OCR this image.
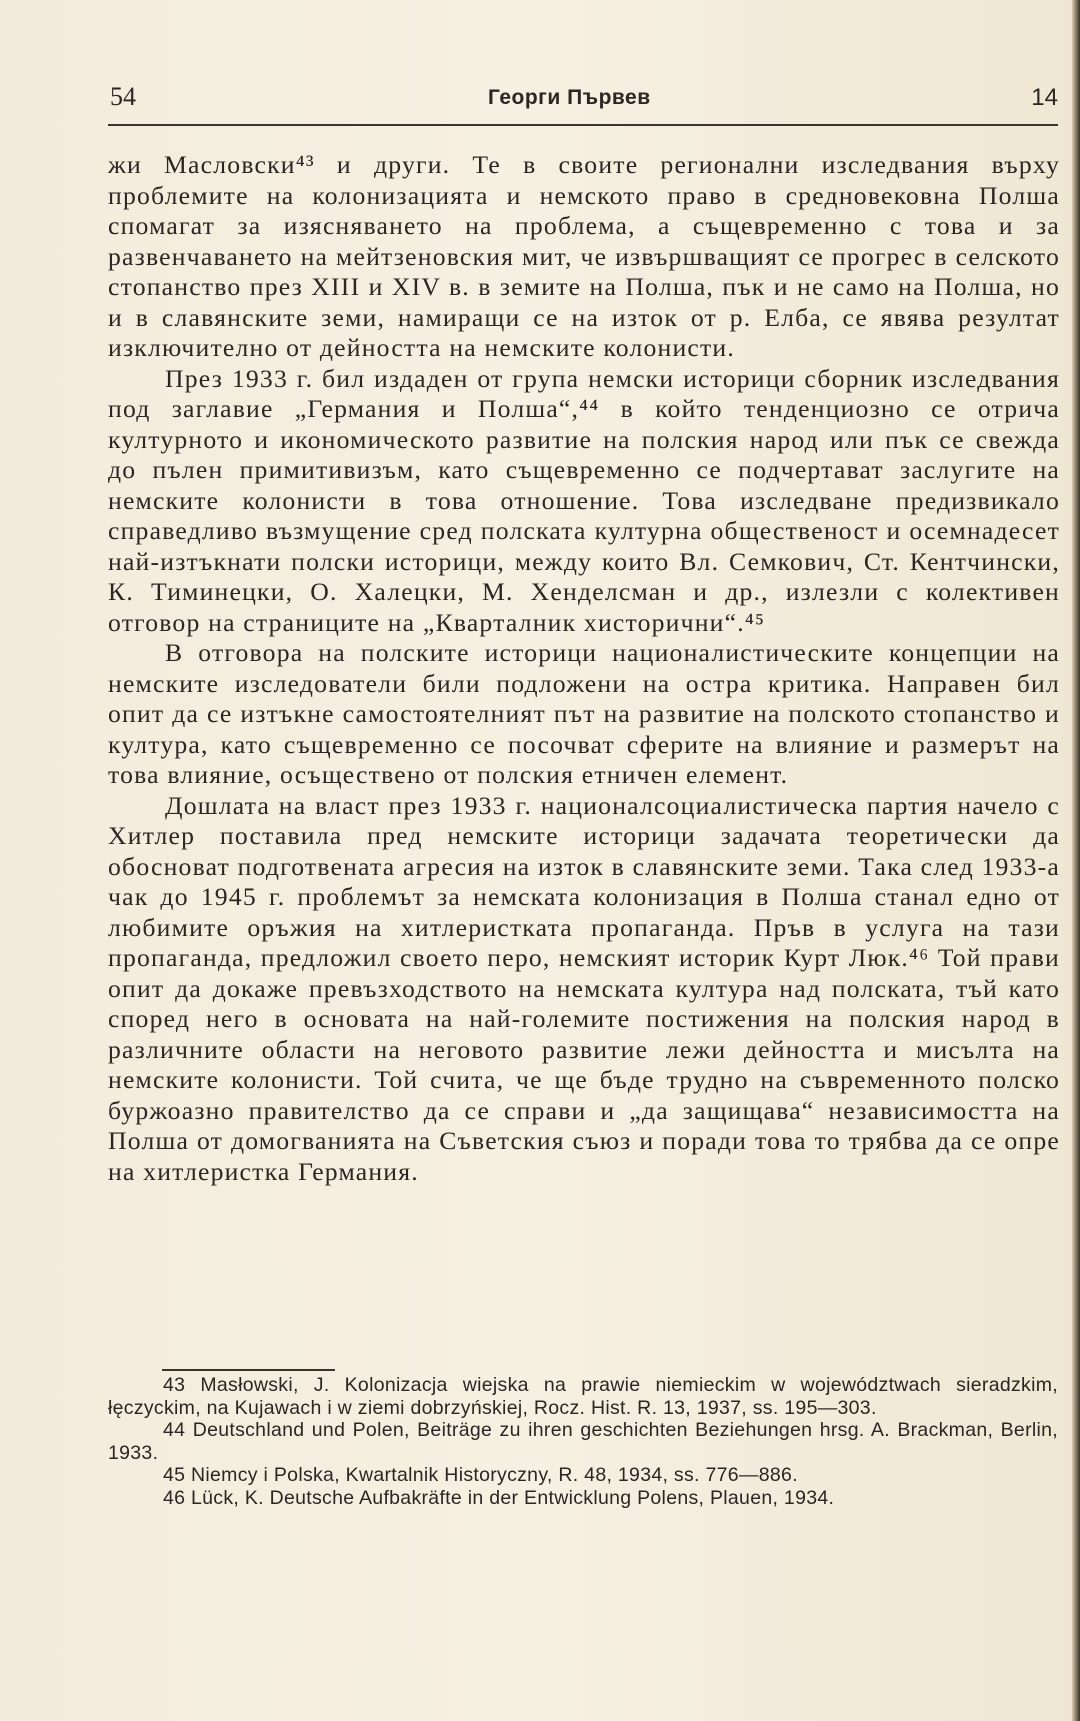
54	Георги Първев	14

жи Масловски⁴³ и други. Те в своите регионални изследвания върху проблемите на колонизацията и немското право в средновековна Полша спомагат за изясняването на проблема, а същевременно с това и за развенчаването на мейтзеновския мит, че извършващият се прогрес в селското стопанство през XIII и XIV в. в земите на Полша, пък и не само на Полша, но и в славянските земи, намиращи се на изток от р. Елба, се явява резултат изключително от дейността на немските колонисти.

През 1933 г. бил издаден от група немски историци сборник изследвания под заглавие „Германия и Полша“,⁴⁴ в който тенденциозно се отрича културното и икономическото развитие на полския народ или пък се свежда до пълен примитивизъм, като същевременно се подчертават заслугите на немските колонисти в това отношение. Това изследване предизвикало справедливо възмущение сред полската културна общественост и осемнадесет най-изтъкнати полски историци, между които Вл. Семкович, Ст. Кентчински, К. Тиминецки, О. Халецки, М. Хенделсман и др., излезли с колективен отговор на страниците на „Кварталник хисторични“.⁴⁵

В отговора на полските историци националистическите концепции на немските изследователи били подложени на остра критика. Направен бил опит да се изтъкне самостоятелният път на развитие на полското стопанство и култура, като същевременно се посочват сферите на влияние и размерът на това влияние, осъществено от полския етничен елемент.

Дошлата на власт през 1933 г. националсоциалистическа партия начело с Хитлер поставила пред немските историци задачата теоретически да обосноват подготвената агресия на изток в славянските земи. Така след 1933-а чак до 1945 г. проблемът за немската колонизация в Полша станал едно от любимите оръжия на хитлеристката пропаганда. Пръв в услуга на тази пропаганда, предложил своето перо, немският историк Курт Люк.⁴⁶ Той прави опит да докаже превъзходството на немската култура над полската, тъй като според него в основата на най-големите постижения на полския народ в различните области на неговото развитие лежи дейността и мисълта на немските колонисти. Той счита, че ще бъде трудно на съвременното полско буржоазно правителство да се справи и „да защищава“ независимостта на Полша от домогванията на Съветския съюз и поради това то трябва да се опре на хитлеристка Германия.

43 Masłowski, J. Kolonizacja wiejska na prawie niemieckim w województwach sieradzkim, łęczyckim, na Kujawach i w ziemi dobrzyńskiej, Rocz. Hist. R. 13, 1937, ss. 195—303.

44 Deutschland und Polen, Beiträge zu ihren geschichten Beziehungen hrsg. A. Brackman, Berlin, 1933.

45 Niemcy i Polska, Kwartalnik Historyczny, R. 48, 1934, ss. 776—886.

46 Lück, K. Deutsche Aufbakräfte in der Entwicklung Polens, Plauen, 1934.
